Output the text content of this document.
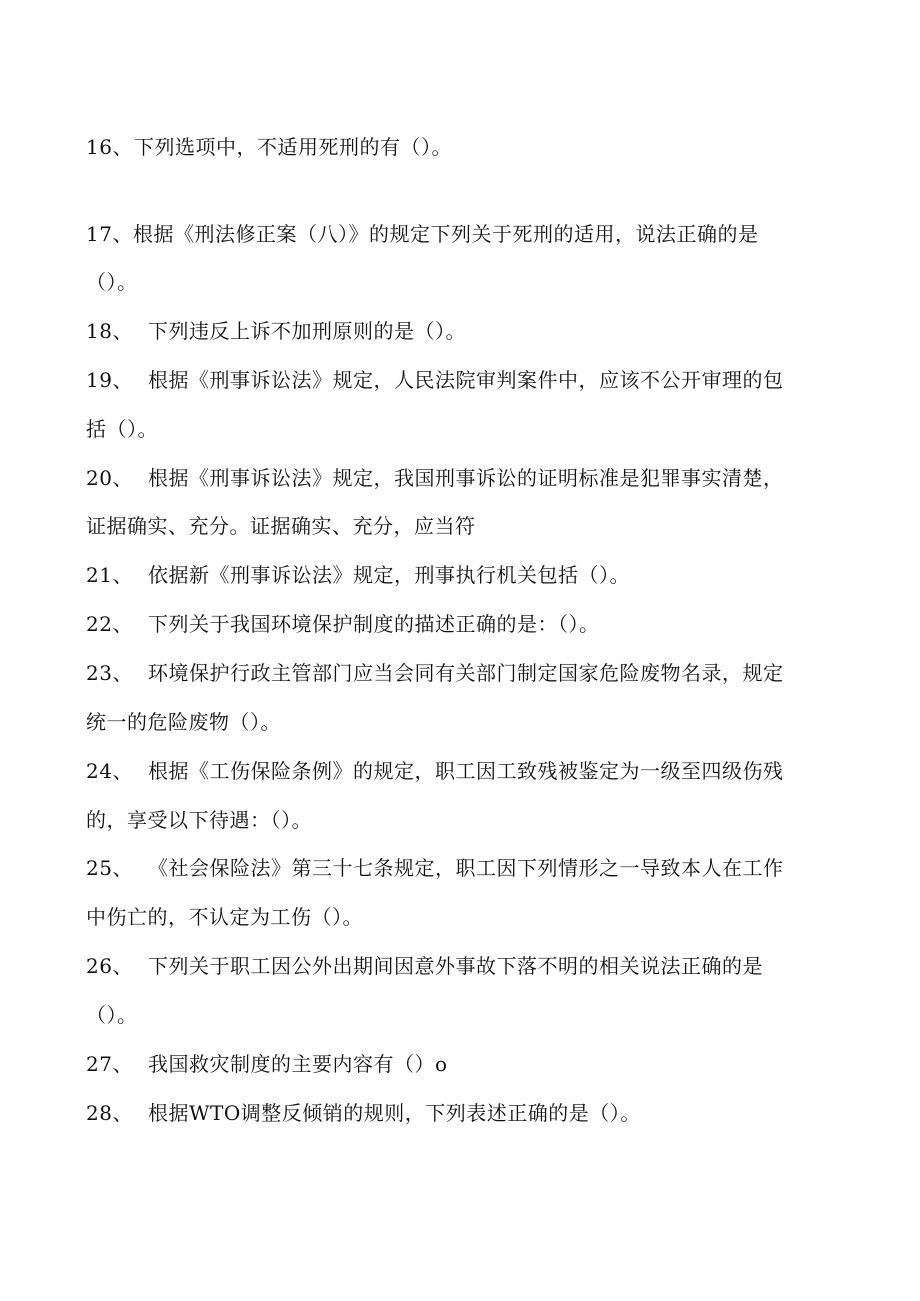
16、下列选项中，不适用死刑的有（）。
17、根据《刑法修正案（八）》的规定下列关于死刑的适用，说法正确的是
（）。
18、 下列违反上诉不加刑原则的是（）。
19、 根据《刑事诉讼法》规定，人民法院审判案件中，应该不公开审理的包
括（）。
20、 根据《刑事诉讼法》规定，我国刑事诉讼的证明标准是犯罪事实清楚，
证据确实、充分。证据确实、充分，应当符
21、 依据新《刑事诉讼法》规定，刑事执行机关包括（）。
22、 下列关于我国环境保护制度的描述正确的是：（）。
23、 环境保护行政主管部门应当会同有关部门制定国家危险废物名录，规定
统一的危险废物（）。
24、 根据《工伤保险条例》的规定，职工因工致残被鉴定为一级至四级伤残
的，享受以下待遇：（）。
25、 《社会保险法》第三十七条规定，职工因下列情形之一导致本人在工作
中伤亡的，不认定为工伤（）。
26、 下列关于职工因公外出期间因意外事故下落不明的相关说法正确的是
（）。
27、 我国救灾制度的主要内容有（）o
28、 根据WTO调整反倾销的规则，下列表述正确的是（）。
